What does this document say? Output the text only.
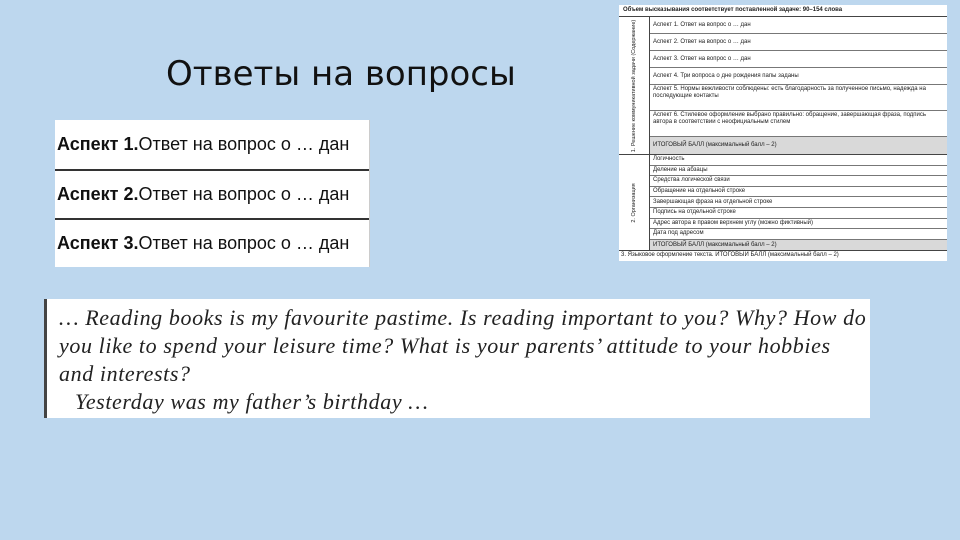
Ответы на вопросы
Объем высказывания соответствует поставленной задаче: 90–154 слова
1. Решение коммуникативной задачи (Содержание)	Аспект 1. Ответ на вопрос о … дан
Аспект 2. Ответ на вопрос о … дан
Аспект 3. Ответ на вопрос о … дан
Аспект 4. Три вопроса о дне рождения папы заданы
Аспект 5. Нормы вежливости соблюдены: есть благодарность за полученное письмо, надежда на последующие контакты
Аспект 6. Стилевое оформление выбрано правильно: обращение, завершающая фраза, подпись автора в соответствии с неофициальным стилем
ИТОГОВЫЙ БАЛЛ (максимальный балл – 2)
2. Организация
Логичность
Деление на абзацы
Средства логической связи
Обращение на отдельной строке
Завершающая фраза на отдельной строке
Подпись на отдельной строке
Адрес автора в правом верхнем углу (можно фиктивный)
Дата под адресом
ИТОГОВЫЙ БАЛЛ (максимальный балл – 2)
3. Языковое оформление текста. ИТОГОВЫЙ БАЛЛ (максимальный балл – 2)
Аспект 1. Ответ на вопрос о … дан
Аспект 2. Ответ на вопрос о … дан
Аспект 3. Ответ на вопрос о … дан

… Reading books is my favourite pastime. Is reading important to you? Why? How do you like to spend your leisure time? What is your parents’ attitude to your hobbies and interests?

Yesterday was my father’s birthday …
